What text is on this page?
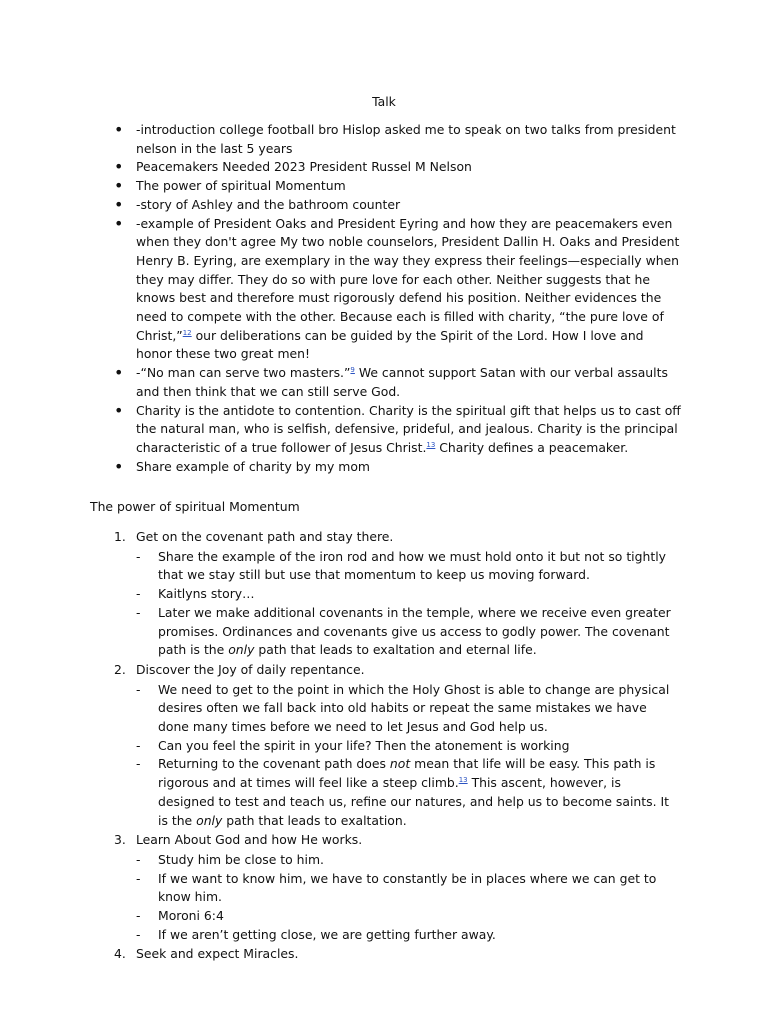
Talk
• -introduction college football bro Hislop asked me to speak on two talks from president nelson in the last 5 years
• Peacemakers Needed 2023 President Russel M Nelson
• The power of spiritual Momentum
• -story of Ashley and the bathroom counter
• -example of President Oaks and President Eyring and how they are peacemakers even when they don't agree My two noble counselors, President Dallin H. Oaks and President Henry B. Eyring, are exemplary in the way they express their feelings—especially when they may differ. They do so with pure love for each other. Neither suggests that he knows best and therefore must rigorously defend his position. Neither evidences the need to compete with the other. Because each is filled with charity, “the pure love of Christ,”$^{12}$ our deliberations can be guided by the Spirit of the Lord. How I love and honor these two great men!
• -“No man can serve two masters.”$^9$ We cannot support Satan with our verbal assaults and then think that we can still serve God.
• Charity is the antidote to contention. Charity is the spiritual gift that helps us to cast off the natural man, who is selfish, defensive, prideful, and jealous. Charity is the principal characteristic of a true follower of Jesus Christ.$^{13}$ Charity defines a peacemaker.
• Share example of charity by my mom
The power of spiritual Momentum
1. Get on the covenant path and stay there.
- Share the example of the iron rod and how we must hold onto it but not so tightly that we stay still but use that momentum to keep us moving forward.
- Kaitlyns story…
- Later we make additional covenants in the temple, where we receive even greater promises. Ordinances and covenants give us access to godly power. The covenant path is the only path that leads to exaltation and eternal life.
2. Discover the Joy of daily repentance.
- We need to get to the point in which the Holy Ghost is able to change are physical desires often we fall back into old habits or repeat the same mistakes we have done many times before we need to let Jesus and God help us.
- Can you feel the spirit in your life? Then the atonement is working
- Returning to the covenant path does not mean that life will be easy. This path is rigorous and at times will feel like a steep climb.$^{13}$ This ascent, however, is designed to test and teach us, refine our natures, and help us to become saints. It is the only path that leads to exaltation.
3. Learn About God and how He works.
- Study him be close to him.
- If we want to know him, we have to constantly be in places where we can get to know him.
- Moroni 6:4
- If we aren’t getting close, we are getting further away.
4. Seek and expect Miracles.
